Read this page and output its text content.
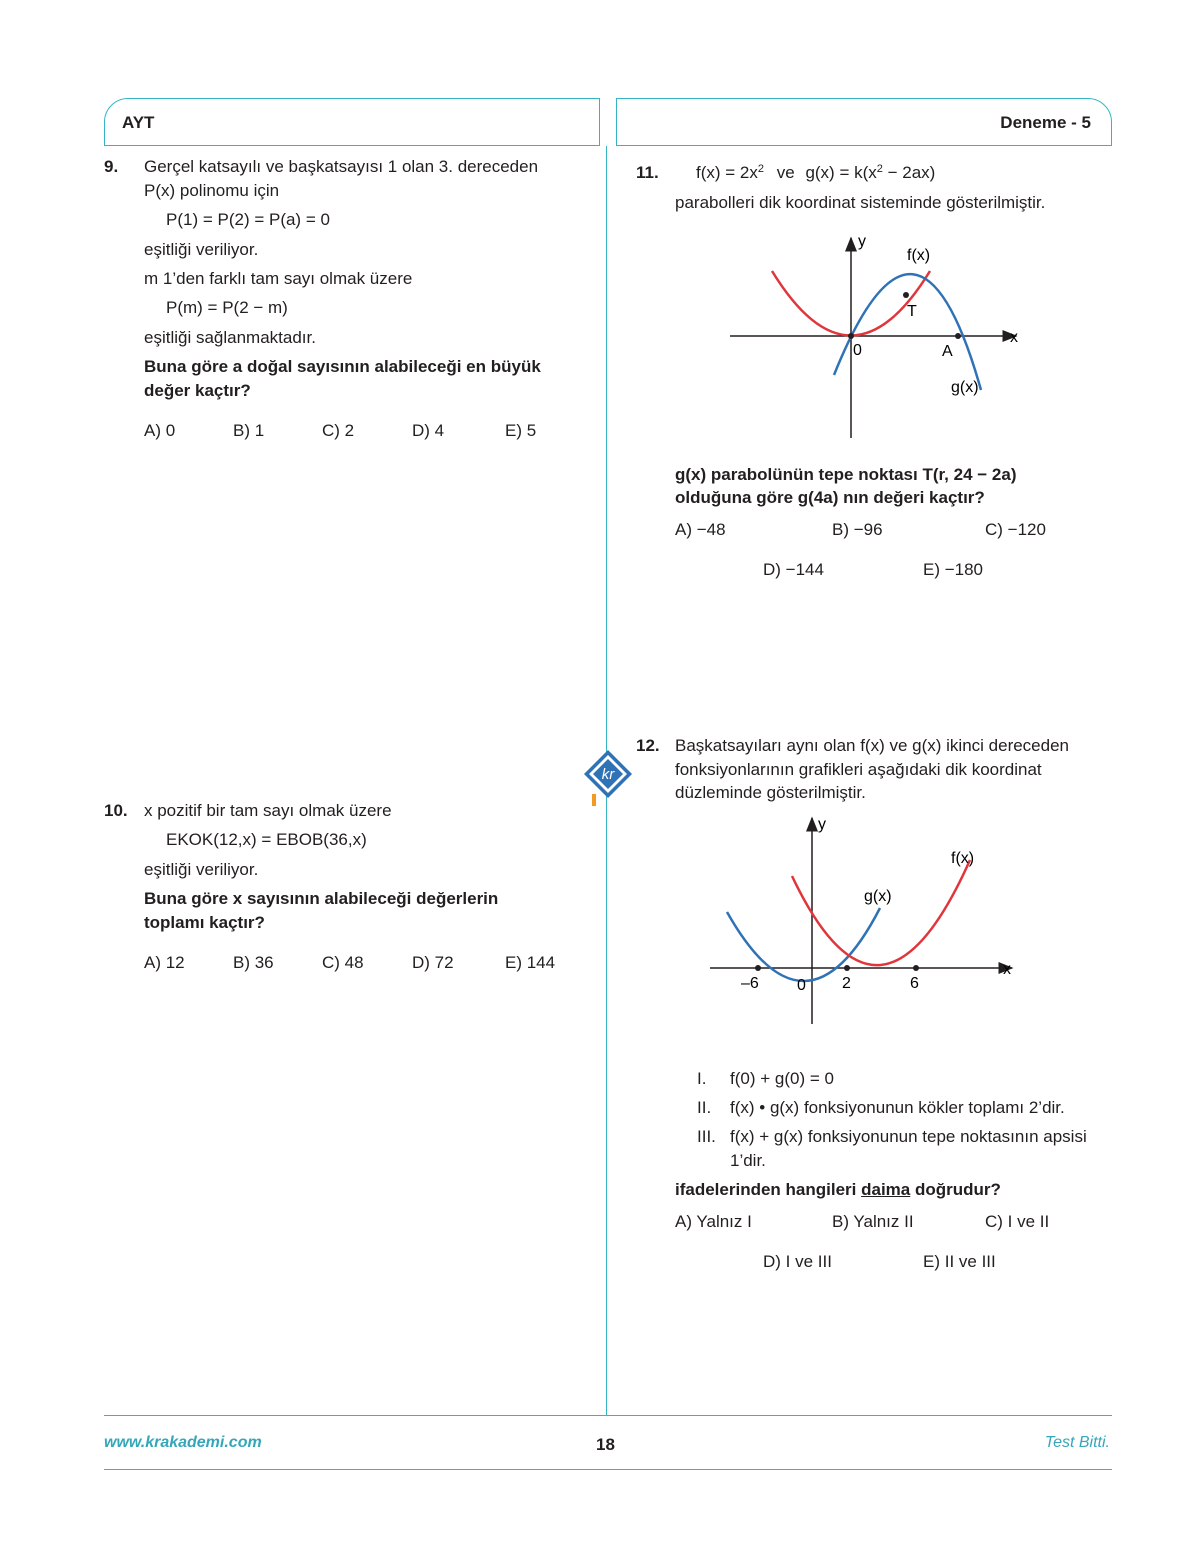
AYT	Deneme - 5
kr
9. Gerçel katsayılı ve başkatsayısı 1 olan 3. dereceden
P(x) polinomu için
P(1) = P(2) = P(a) = 0
eşitliği veriliyor.
m 1’den farklı tam sayı olmak üzere
P(m) = P(2 − m)
eşitliği sağlanmaktadır.
Buna göre a doğal sayısının alabileceği en büyük
değer kaçtır?
A) 0	B) 1	C) 2	D) 4	E) 5
10. x pozitif bir tam sayı olmak üzere
EKOK(12,x) = EBOB(36,x)
eşitliği veriliyor.
Buna göre x sayısının alabileceği değerlerin
toplamı kaçtır?
A) 12	B) 36	C) 48	D) 72	E) 144
11. $f(x) = 2x^2$ ve $g(x) = k(x^2 - 2ax)$
parabolleri dik koordinat sisteminde gösterilmiştir.
y
x
f(x)
g(x)
T
0	A
g(x) parabolünün tepe noktası T(r, 24 − 2a)
olduğuna göre g(4a) nın değeri kaçtır?
A) −48	B) −96	C) −120
D) −144	E) −180
12. Başkatsayıları aynı olan f(x) ve g(x) ikinci dereceden
fonksiyonlarının grafikleri aşağıdaki dik koordinat
düzleminde gösterilmiştir.
y
x
f(x)
g(x)
–6 0 2	6
I. f(0) + g(0) = 0
II. f(x) • g(x) fonksiyonunun kökler toplamı 2’dir.
III. f(x) + g(x) fonksiyonunun tepe noktasının apsisi
1’dir.
ifadelerinden hangileri daima doğrudur?
A) Yalnız I	B) Yalnız II	C) I ve II
D) I ve III	E) II ve III
www.krakademi.com	18	Test Bitti.
